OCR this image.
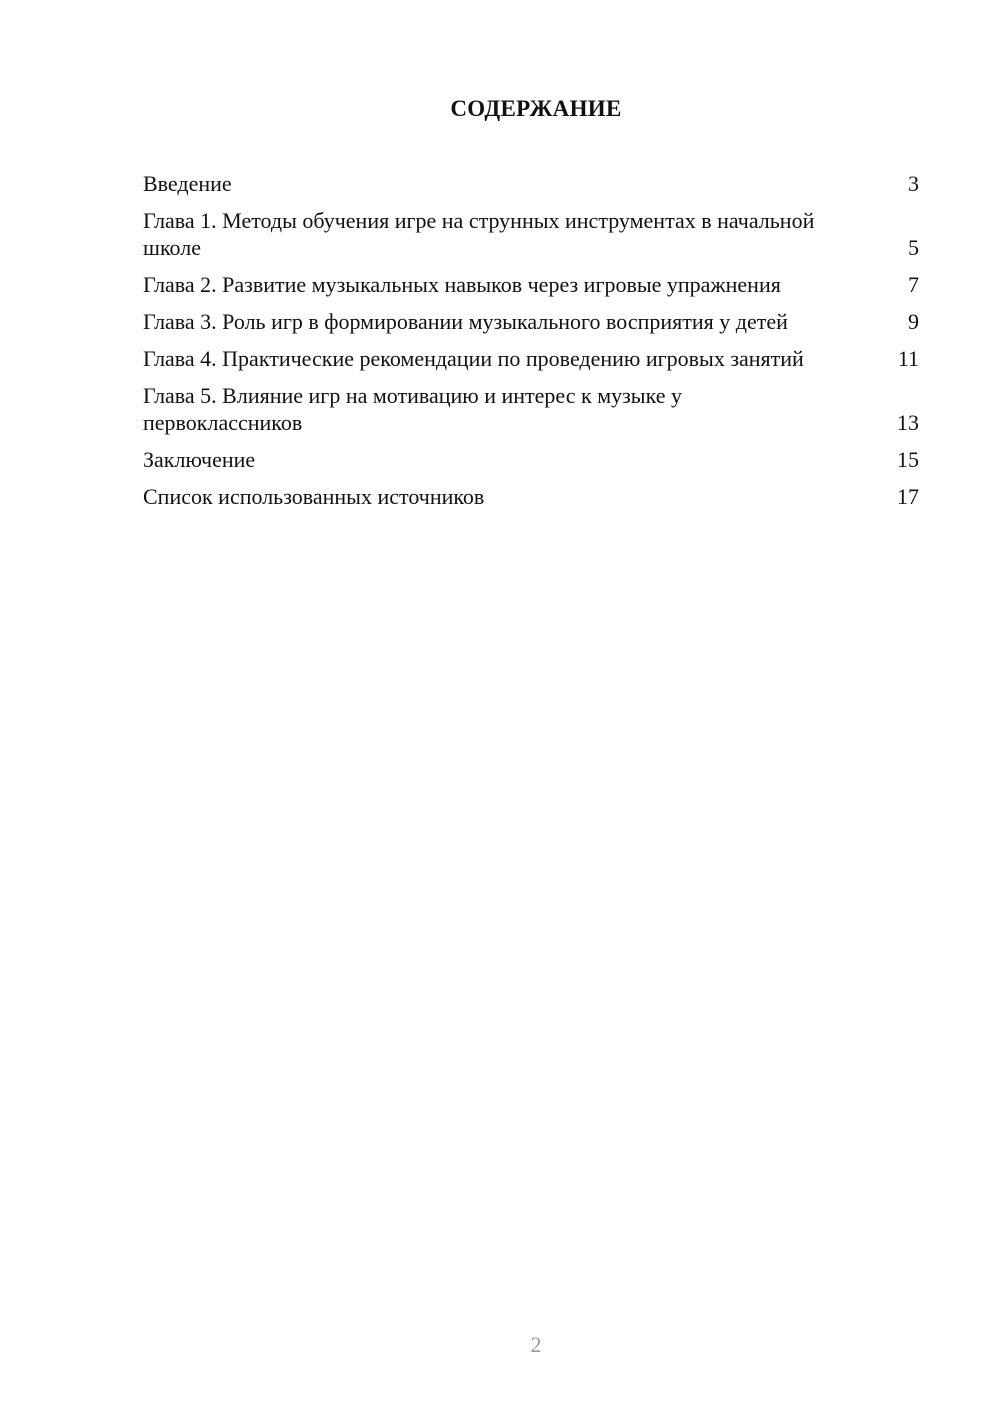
СОДЕРЖАНИЕ
Введение	3
Глава 1. Методы обучения игре на струнных инструментах в начальной школе	5
Глава 2. Развитие музыкальных навыков через игровые упражнения	7
Глава 3. Роль игр в формировании музыкального восприятия у детей	9
Глава 4. Практические рекомендации по проведению игровых занятий	11
Глава 5. Влияние игр на мотивацию и интерес к музыке у первоклассников	13
Заключение	15
Список использованных источников	17
2
